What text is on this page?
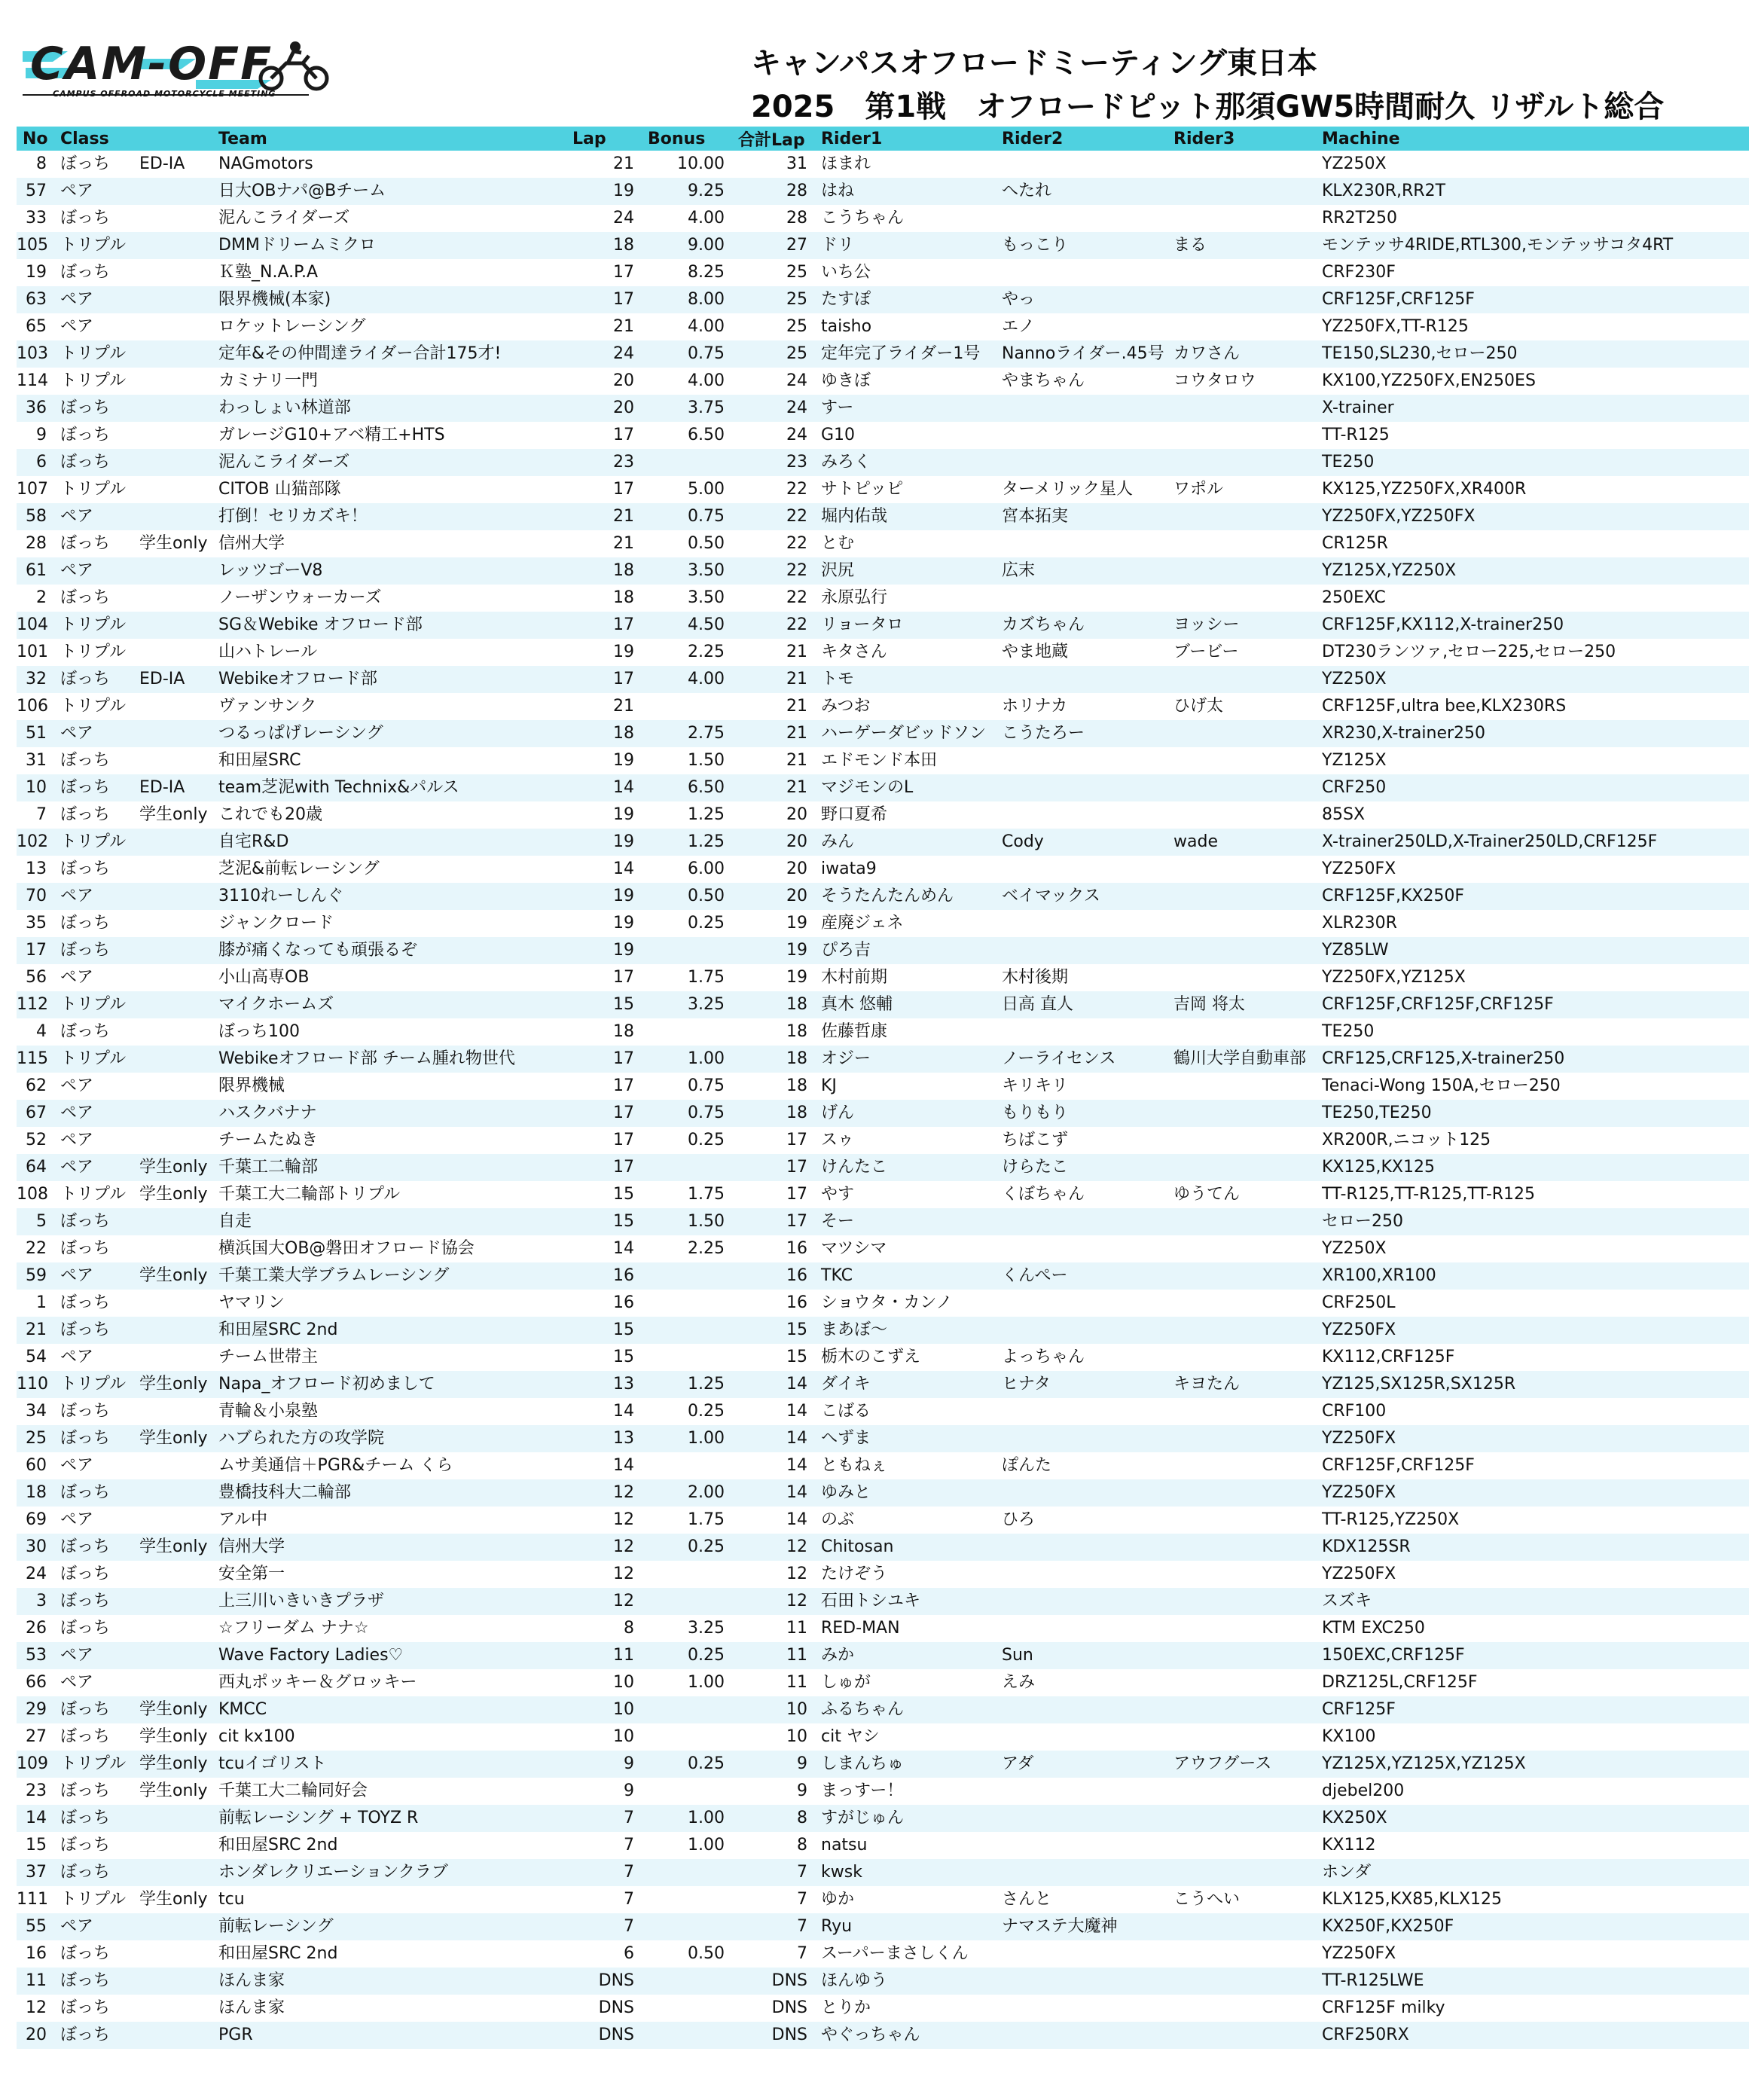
CAM-OFF
CAMPUS OFFROAD MOTORCYCLE MEETING
キャンパスオフロードミーティング東日本
2025　第1戦　オフロードピット那須GW5時間耐久 リザルト総合
No	Class		Team	Lap	Bonus	合計Lap	Rider1	Rider2	Rider3	Machine
8	ぼっち	ED-IA	NAGmotors	21	10.00	31	ほまれ			YZ250X
57	ペア		日大OBナパ@Bチーム	19	9.25	28	はね	へたれ		KLX230R,RR2T
33	ぼっち		泥んこライダーズ	24	4.00	28	こうちゃん			RR2T250
105	トリプル		DMMドリームミクロ	18	9.00	27	ドリ	もっこり	まる	モンテッサ4RIDE,RTL300,モンテッサコタ4RT
19	ぼっち		Ｋ塾_N.A.P.A	17	8.25	25	いち公			CRF230F
63	ペア		限界機械(本家)	17	8.00	25	たすぽ	やっ		CRF125F,CRF125F
65	ペア		ロケットレーシング	21	4.00	25	taisho	エノ		YZ250FX,TT-R125
103	トリプル		定年&その仲間達ライダー合計175才!	24	0.75	25	定年完了ライダー1号	Nannoライダー.45号	カワさん	TE150,SL230,セロー250
114	トリプル		カミナリ一門	20	4.00	24	ゆきぼ	やまちゃん	コウタロウ	KX100,YZ250FX,EN250ES
36	ぼっち		わっしょい林道部	20	3.75	24	すー			X-trainer
9	ぼっち		ガレージG10+アベ精工+HTS	17	6.50	24	G10			TT-R125
6	ぼっち		泥んこライダーズ	23		23	みろく			TE250
107	トリプル		CITOB 山猫部隊	17	5.00	22	サトピッピ	ターメリック星人	ワポル	KX125,YZ250FX,XR400R
58	ペア		打倒！セリカズキ！	21	0.75	22	堀内佑哉	宮本拓実		YZ250FX,YZ250FX
28	ぼっち	学生only	信州大学	21	0.50	22	とむ			CR125R
61	ペア		レッツゴーV8	18	3.50	22	沢尻	広末		YZ125X,YZ250X
2	ぼっち		ノーザンウォーカーズ	18	3.50	22	永原弘行			250EXC
104	トリプル		SG＆Webike オフロード部	17	4.50	22	リョータロ	カズちゃん	ヨッシー	CRF125F,KX112,X-trainer250
101	トリプル		山ハトレール	19	2.25	21	キタさん	やま地蔵	ブービー	DT230ランツァ,セロー225,セロー250
32	ぼっち	ED-IA	Webikeオフロード部	17	4.00	21	トモ			YZ250X
106	トリプル		ヴァンサンク	21		21	みつお	ホリナカ	ひげ太	CRF125F,ultra bee,KLX230RS
51	ペア		つるっぱげレーシング	18	2.75	21	ハーゲーダビッドソン	こうたろー		XR230,X-trainer250
31	ぼっち		和田屋SRC	19	1.50	21	エドモンド本田			YZ125X
10	ぼっち	ED-IA	team芝泥with Technix&パルス	14	6.50	21	マジモンのL			CRF250
7	ぼっち	学生only	これでも20歳	19	1.25	20	野口夏希			85SX
102	トリプル		自宅R&D	19	1.25	20	みん	Cody	wade	X-trainer250LD,X-Trainer250LD,CRF125F
13	ぼっち		芝泥&前転レーシング	14	6.00	20	iwata9			YZ250FX
70	ペア		3110れーしんぐ	19	0.50	20	そうたんたんめん	ベイマックス		CRF125F,KX250F
35	ぼっち		ジャンクロード	19	0.25	19	産廃ジェネ			XLR230R
17	ぼっち		膝が痛くなっても頑張るぞ	19		19	ぴろ吉			YZ85LW
56	ペア		小山高専OB	17	1.75	19	木村前期	木村後期		YZ250FX,YZ125X
112	トリプル		マイクホームズ	15	3.25	18	真木 悠輔	日高 直人	吉岡 将太	CRF125F,CRF125F,CRF125F
4	ぼっち		ぼっち100	18		18	佐藤哲康			TE250
115	トリプル		Webikeオフロード部 チーム腫れ物世代	17	1.00	18	オジー	ノーライセンス	鶴川大学自動車部	CRF125,CRF125,X-trainer250
62	ペア		限界機械	17	0.75	18	KJ	キリキリ		Tenaci-Wong 150A,セロー250
67	ペア		ハスクバナナ	17	0.75	18	げん	もりもり		TE250,TE250
52	ペア		チームたぬき	17	0.25	17	スゥ	ちばこず		XR200R,ニコット125
64	ペア	学生only	千葉工二輪部	17		17	けんたこ	けらたこ		KX125,KX125
108	トリプル	学生only	千葉工大二輪部トリプル	15	1.75	17	やす	くぼちゃん	ゆうてん	TT-R125,TT-R125,TT-R125
5	ぼっち		自走	15	1.50	17	そー			セロー250
22	ぼっち		横浜国大OB@磐田オフロード協会	14	2.25	16	マツシマ			YZ250X
59	ペア	学生only	千葉工業大学ブラムレーシング	16		16	TKC	くんぺー		XR100,XR100
1	ぼっち		ヤマリン	16		16	ショウタ・カンノ			CRF250L
21	ぼっち		和田屋SRC 2nd	15		15	まあぼ〜			YZ250FX
54	ペア		チーム世帯主	15		15	栃木のこずえ	よっちゃん		KX112,CRF125F
110	トリプル	学生only	Napa_オフロード初めまして	13	1.25	14	ダイキ	ヒナタ	キヨたん	YZ125,SX125R,SX125R
34	ぼっち		青輪＆小泉塾	14	0.25	14	こばる			CRF100
25	ぼっち	学生only	ハブられた方の攻学院	13	1.00	14	へずま			YZ250FX
60	ペア		ムサ美通信＋PGR&チーム くら	14		14	ともねぇ	ぽんた		CRF125F,CRF125F
18	ぼっち		豊橋技科大二輪部	12	2.00	14	ゆみと			YZ250FX
69	ペア		アル中	12	1.75	14	のぶ	ひろ		TT-R125,YZ250X
30	ぼっち	学生only	信州大学	12	0.25	12	Chitosan			KDX125SR
24	ぼっち		安全第一	12		12	たけぞう			YZ250FX
3	ぼっち		上三川いきいきプラザ	12		12	石田トシユキ			スズキ
26	ぼっち		☆フリーダム ナナ☆	8	3.25	11	RED-MAN			KTM EXC250
53	ペア		Wave Factory Ladies♡	11	0.25	11	みか	Sun		150EXC,CRF125F
66	ペア		西丸ポッキー＆グロッキー	10	1.00	11	しゅが	えみ		DRZ125L,CRF125F
29	ぼっち	学生only	KMCC	10		10	ふるちゃん			CRF125F
27	ぼっち	学生only	cit kx100	10		10	cit ヤシ			KX100
109	トリプル	学生only	tcuイゴリスト	9	0.25	9	しまんちゅ	アダ	アウフグース	YZ125X,YZ125X,YZ125X
23	ぼっち	学生only	千葉工大二輪同好会	9		9	まっすー！			djebel200
14	ぼっち		前転レーシング + TOYZ R	7	1.00	8	すがじゅん			KX250X
15	ぼっち		和田屋SRC 2nd	7	1.00	8	natsu			KX112
37	ぼっち		ホンダレクリエーションクラブ	7		7	kwsk			ホンダ
111	トリプル	学生only	tcu	7		7	ゆか	さんと	こうへい	KLX125,KX85,KLX125
55	ペア		前転レーシング	7		7	Ryu	ナマステ大魔神		KX250F,KX250F
16	ぼっち		和田屋SRC 2nd	6	0.50	7	スーパーまさしくん			YZ250FX
11	ぼっち		ほんま家	DNS		DNS	ほんゆう			TT-R125LWE
12	ぼっち		ほんま家	DNS		DNS	とりか			CRF125F milky
20	ぼっち		PGR	DNS		DNS	やぐっちゃん			CRF250RX
